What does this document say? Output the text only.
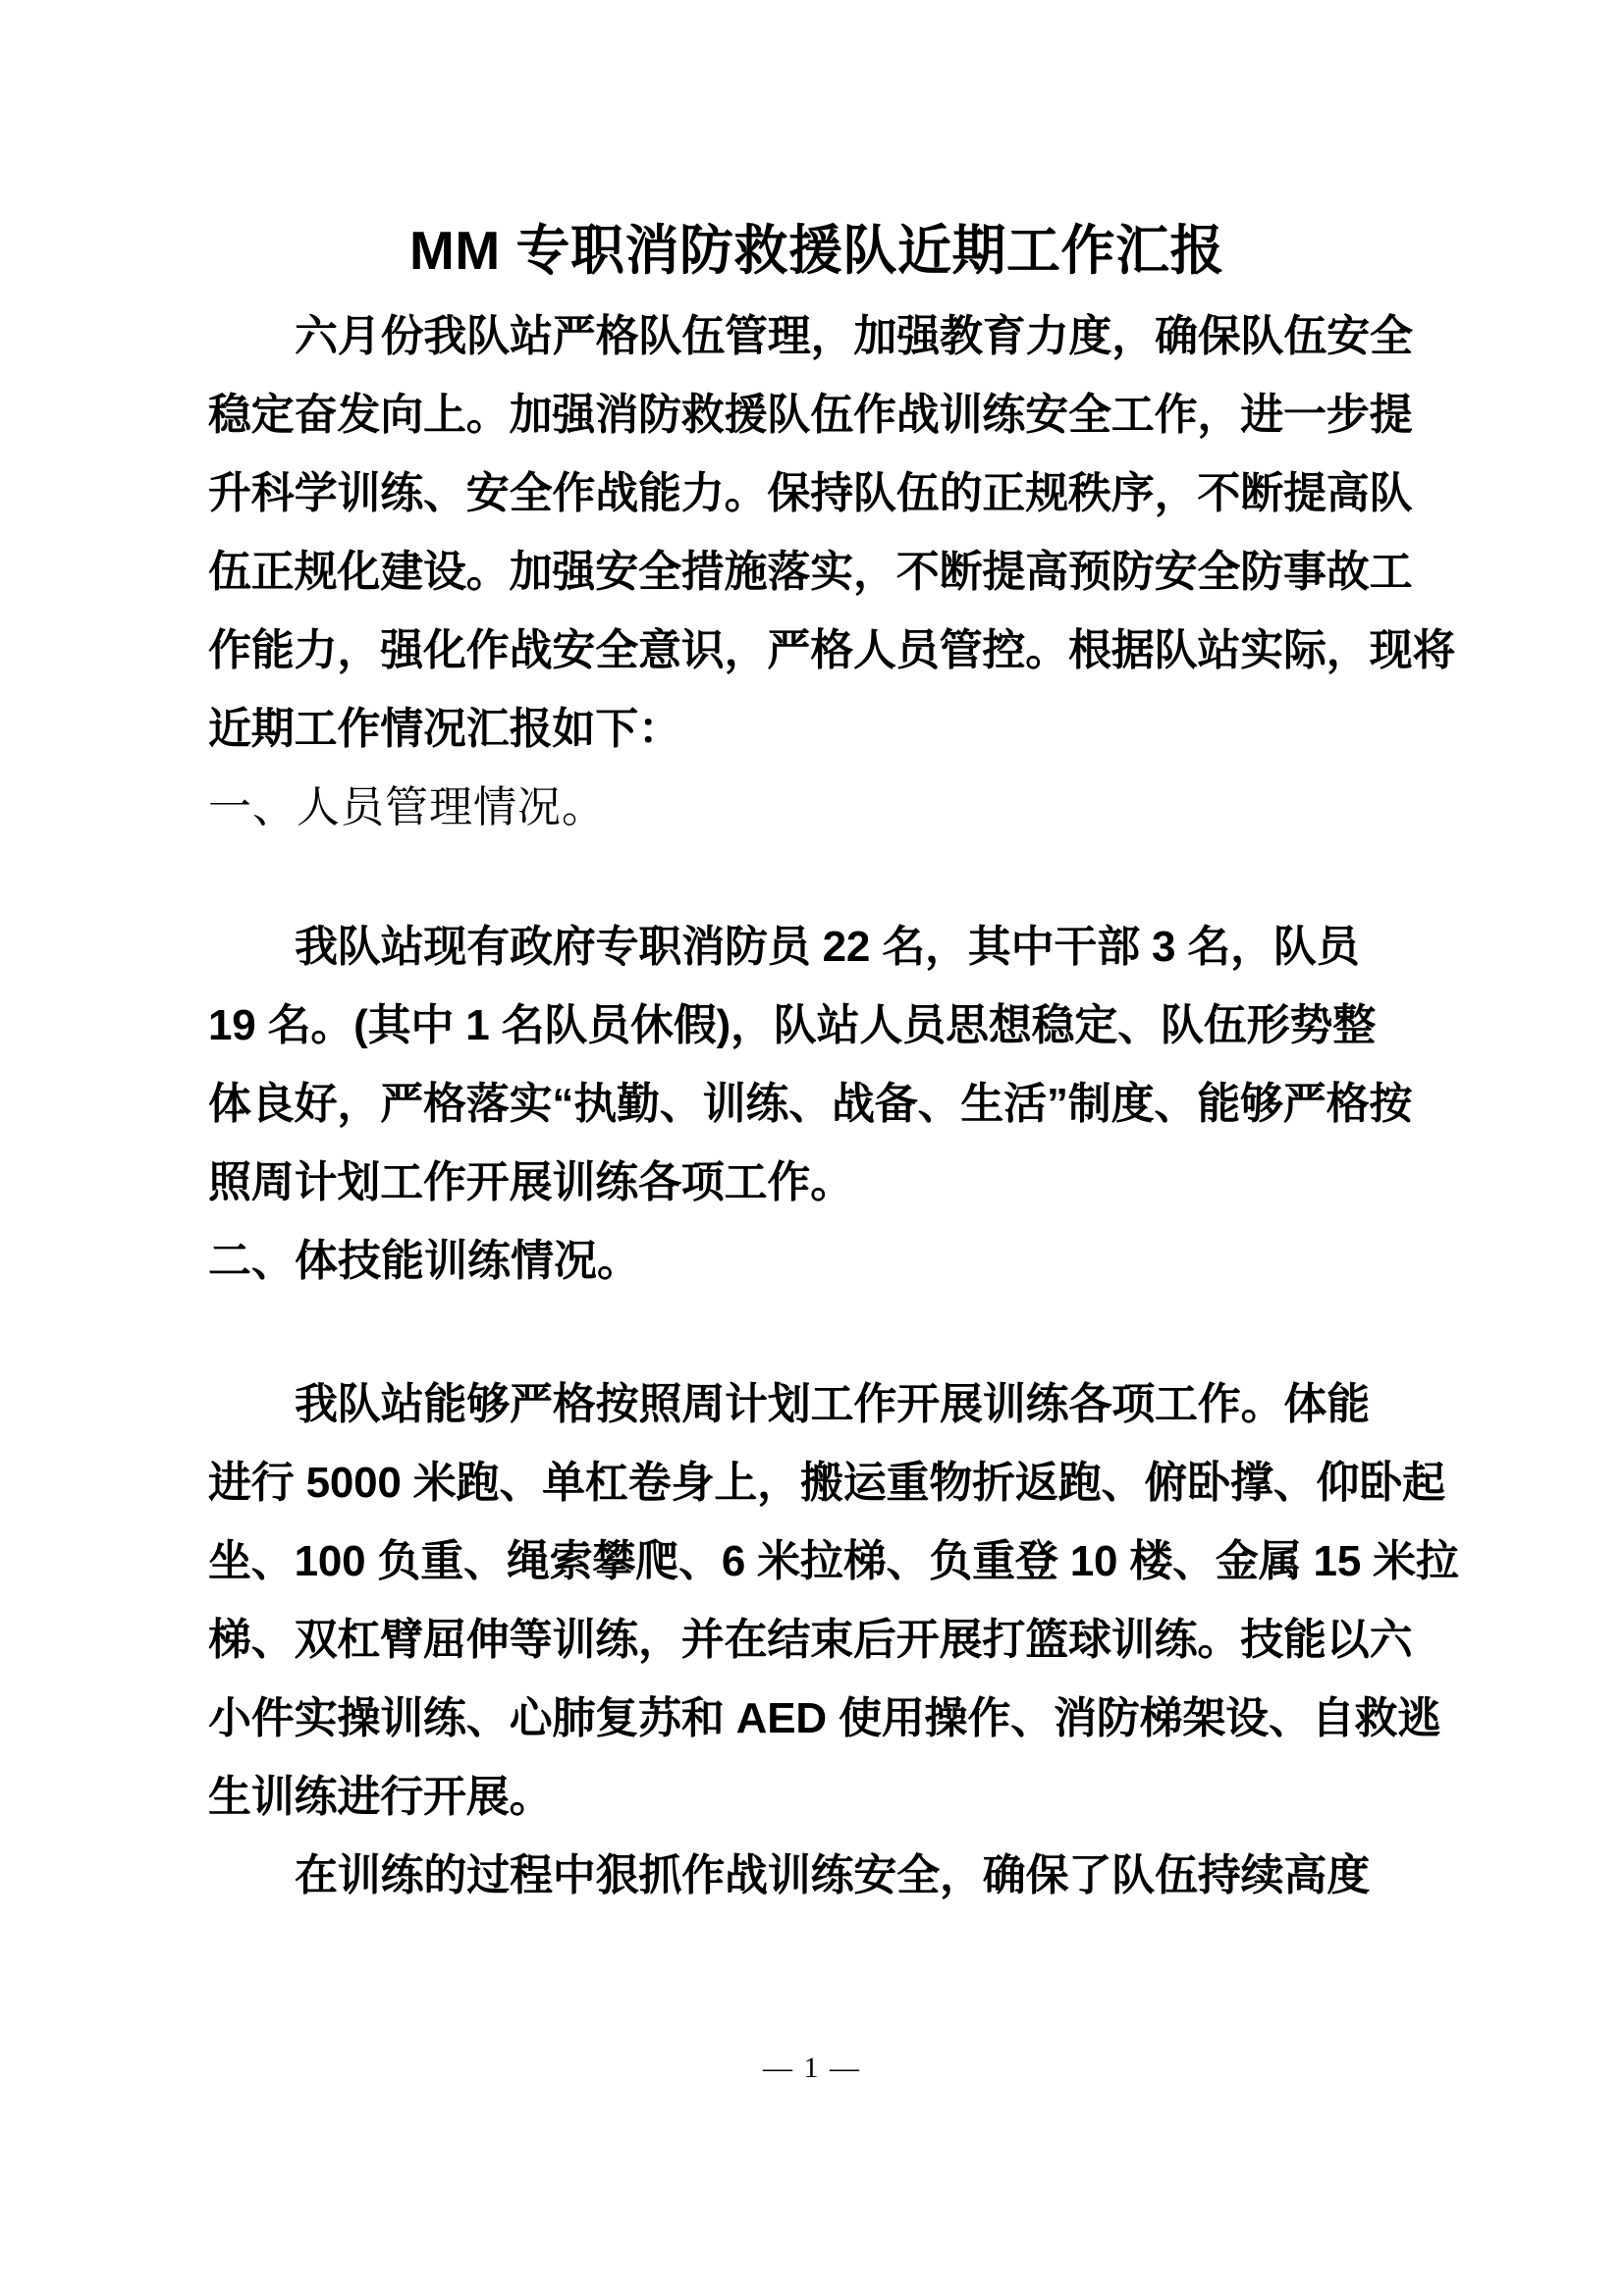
MM 专职消防救援队近期工作汇报
六月份我队站严格队伍管理，加强教育力度，确保队伍安全
稳定奋发向上。加强消防救援队伍作战训练安全工作，进一步提
升科学训练、安全作战能力。保持队伍的正规秩序，不断提高队
伍正规化建设。加强安全措施落实，不断提高预防安全防事故工
作能力，强化作战安全意识，严格人员管控。根据队站实际，现将
近期工作情况汇报如下：
一、人员管理情况。
我队站现有政府专职消防员 22 名，其中干部 3 名，队员
19 名。(其中 1 名队员休假)，队站人员思想稳定、队伍形势整
体良好，严格落实“执勤、训练、战备、生活”制度、能够严格按
照周计划工作开展训练各项工作。
二、体技能训练情况。
我队站能够严格按照周计划工作开展训练各项工作。体能
进行 5000 米跑、单杠卷身上，搬运重物折返跑、俯卧撑、仰卧起
坐、100 负重、绳索攀爬、6 米拉梯、负重登 10 楼、金属 15 米拉
梯、双杠臂屈伸等训练，并在结束后开展打篮球训练。技能以六
小件实操训练、心肺复苏和 AED 使用操作、消防梯架设、自救逃
生训练进行开展。
在训练的过程中狠抓作战训练安全，确保了队伍持续高度
— 1 —
